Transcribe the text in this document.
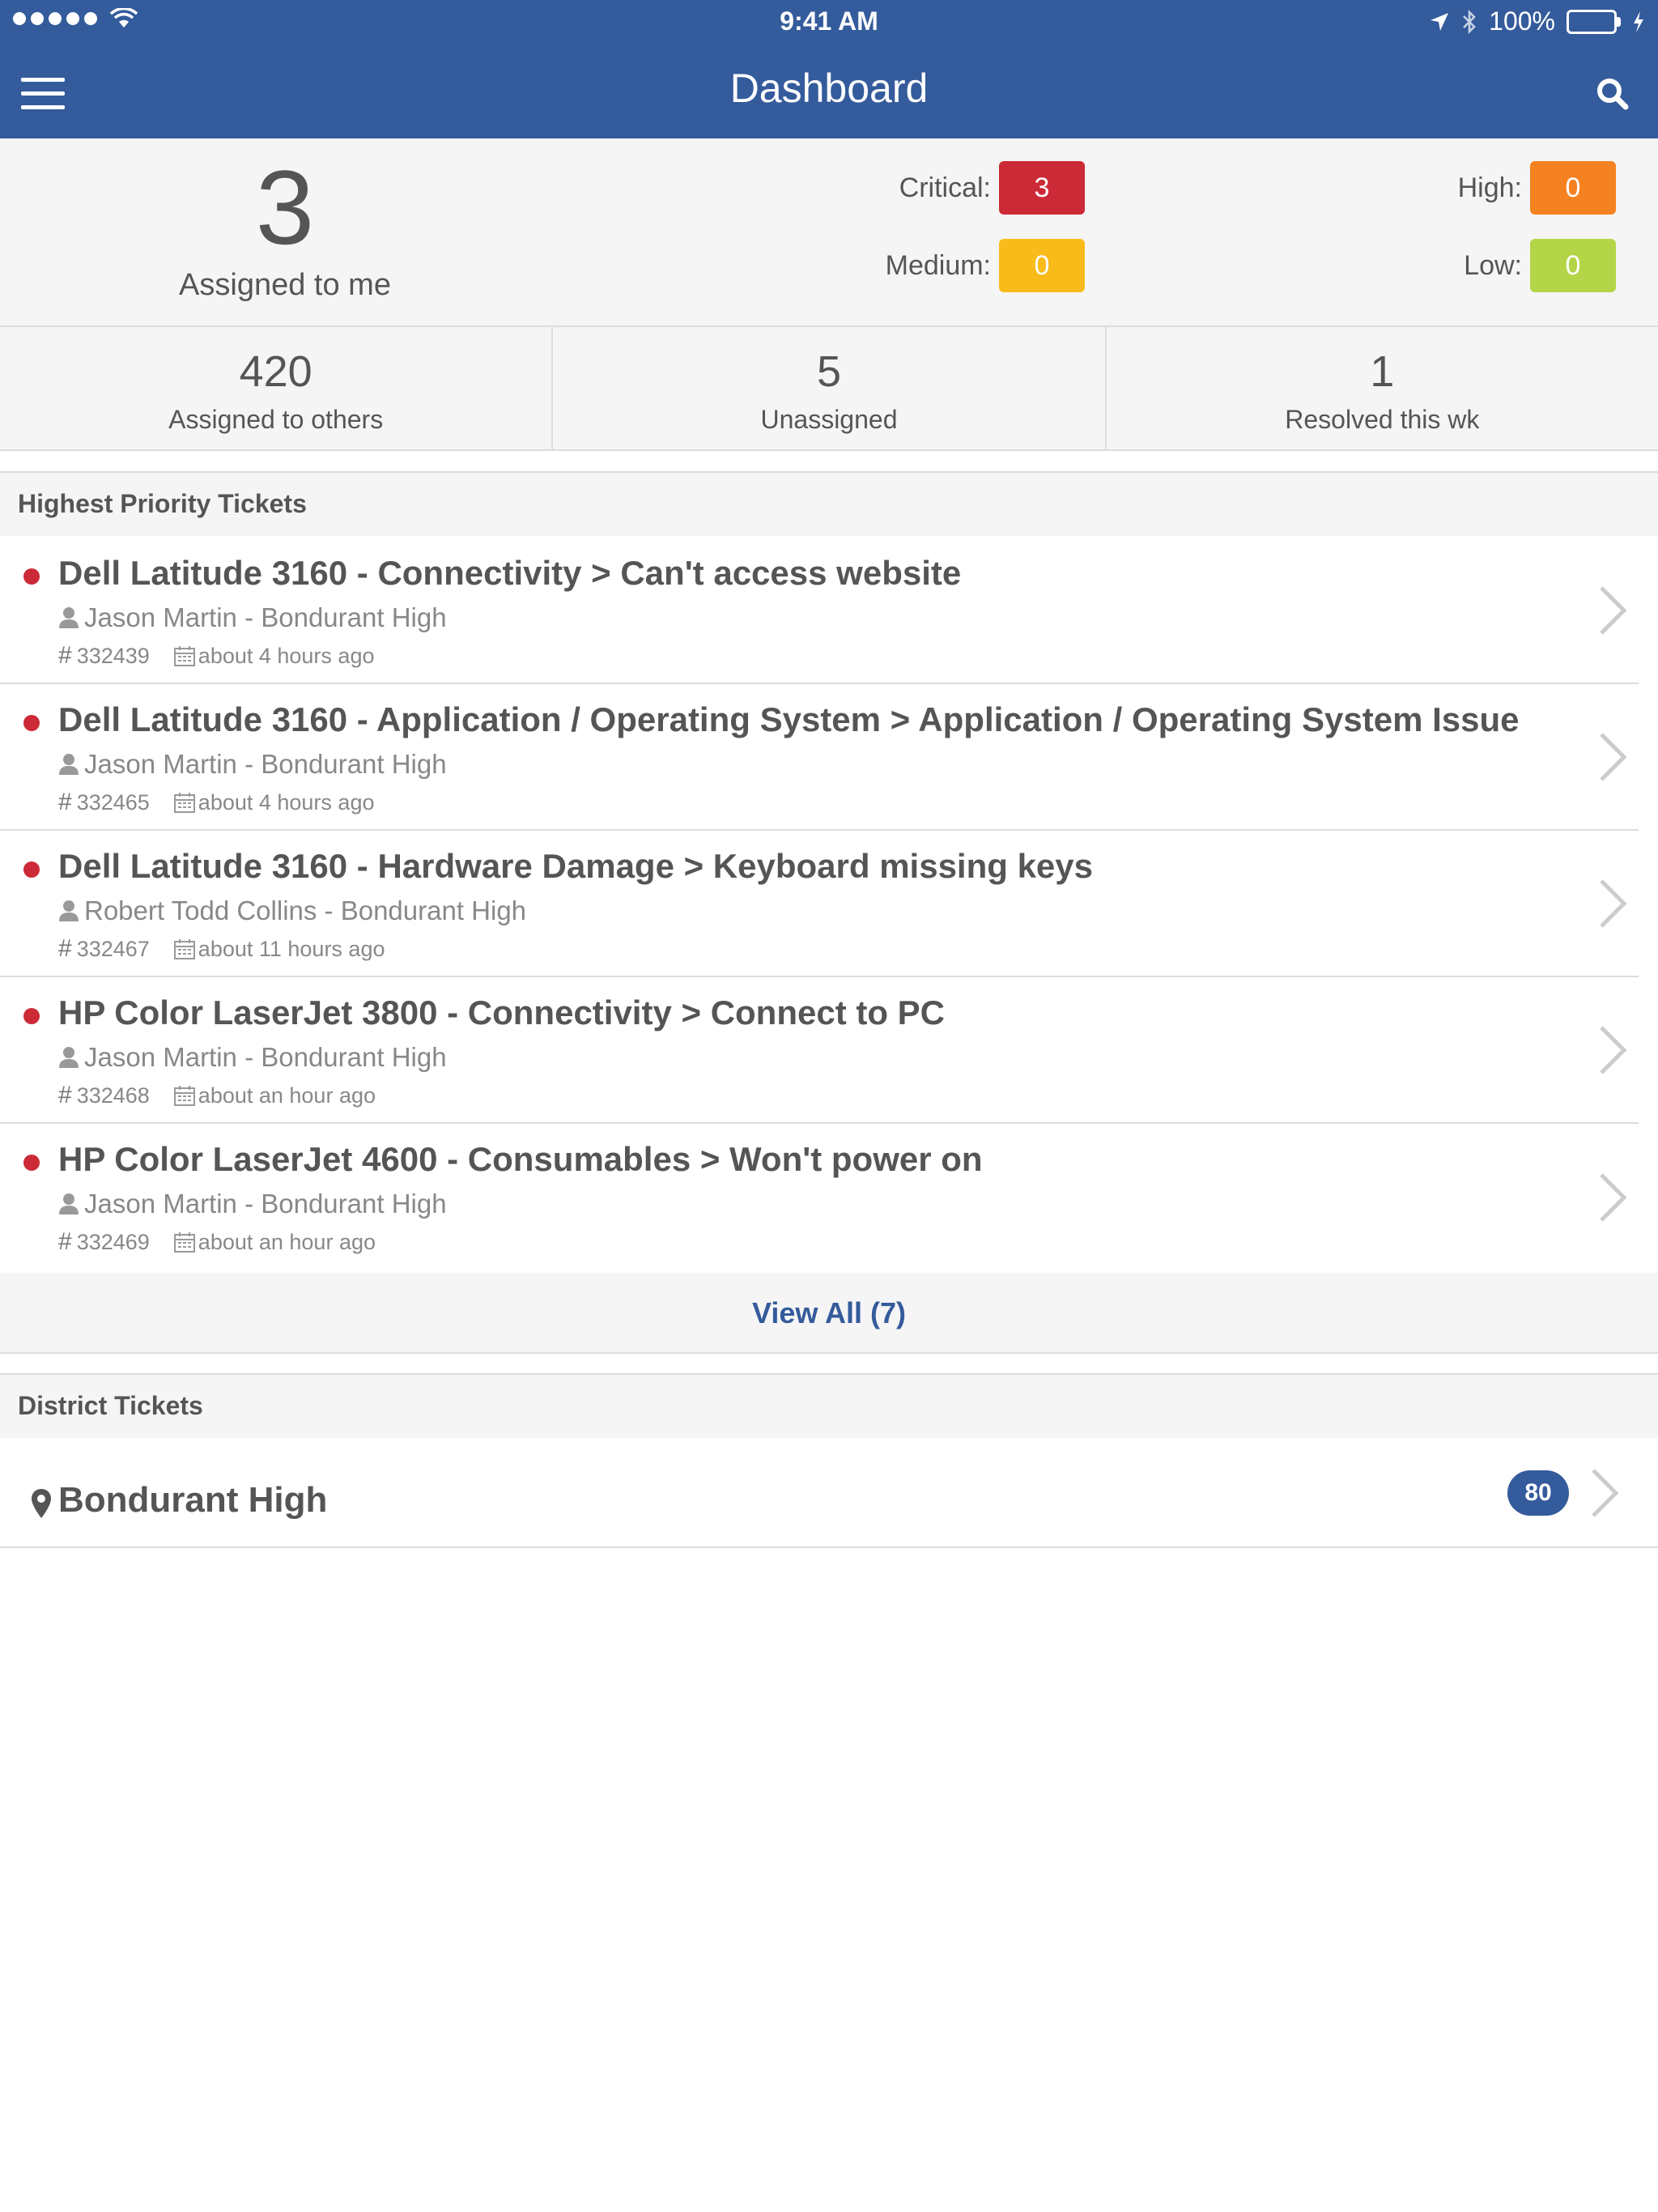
9:41 AM	100%
Dashboard
3
Assigned to me
Critical:	3	High:	0
Medium:	0	Low:	0
420
Assigned to others
5
Unassigned
1
Resolved this wk
Highest Priority Tickets
Dell Latitude 3160 - Connectivity > Can't access website
Jason Martin - Bondurant High
# 332439 about 4 hours ago
Dell Latitude 3160 - Application / Operating System > Application / Operating System Issue
Jason Martin - Bondurant High
# 332465 about 4 hours ago
Dell Latitude 3160 - Hardware Damage > Keyboard missing keys
Robert Todd Collins - Bondurant High
# 332467 about 11 hours ago
HP Color LaserJet 3800 - Connectivity > Connect to PC
Jason Martin - Bondurant High
# 332468 about an hour ago
HP Color LaserJet 4600 - Consumables > Won't power on
Jason Martin - Bondurant High
# 332469 about an hour ago
View All (7)
District Tickets
Bondurant High	80
